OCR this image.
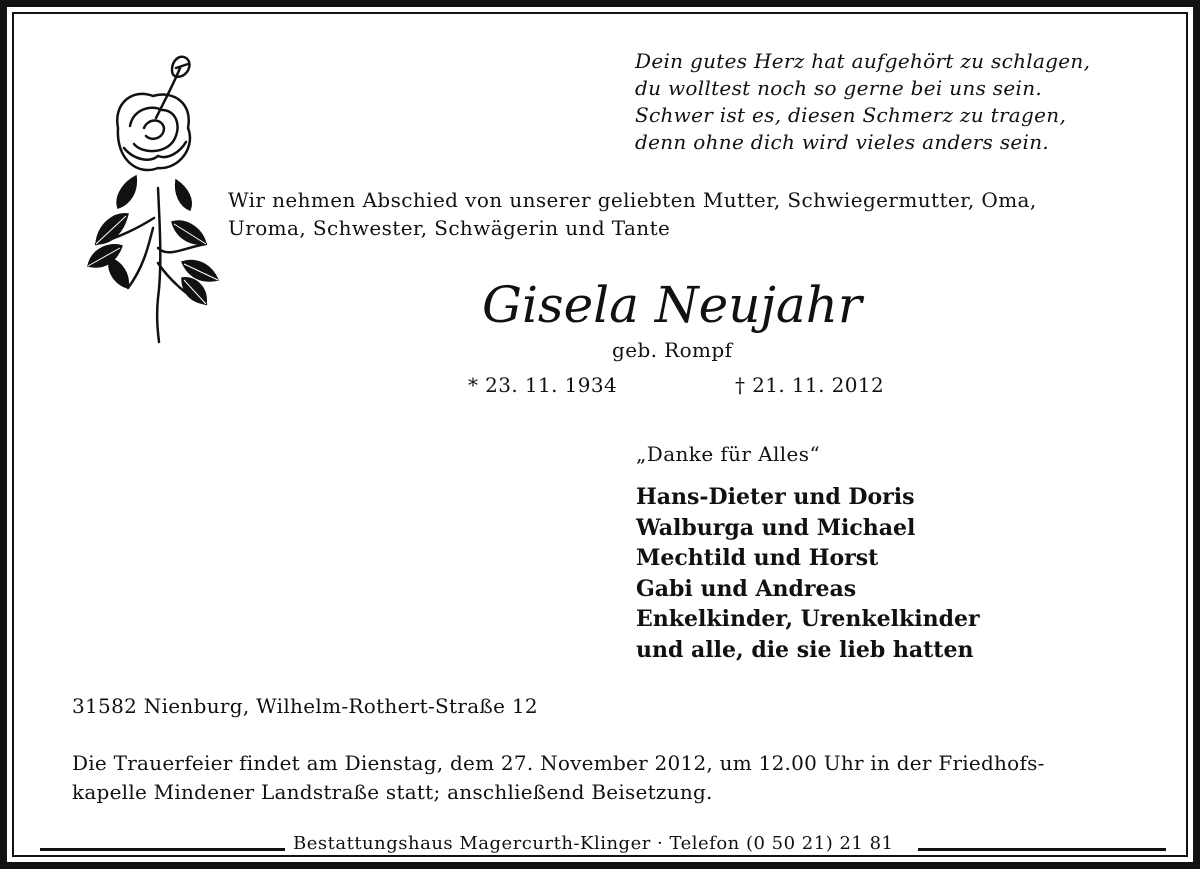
Dein gutes Herz hat aufgehört zu schlagen,
du wolltest noch so gerne bei uns sein.
Schwer ist es, diesen Schmerz zu tragen,
denn ohne dich wird vieles anders sein.
Wir nehmen Abschied von unserer geliebten Mutter, Schwiegermutter, Oma,
Uroma, Schwester, Schwägerin und Tante
Gisela Neujahr
geb. Rompf
* 23. 11. 1934	† 21. 11. 2012
„Danke für Alles“
Hans-Dieter und Doris
Walburga und Michael
Mechtild und Horst
Gabi und Andreas
Enkelkinder, Urenkelkinder
und alle, die sie lieb hatten
31582 Nienburg, Wilhelm-Rothert-Straße 12
Die Trauerfeier findet am Dienstag, dem 27. November 2012, um 12.00 Uhr in der Friedhofs-
kapelle Mindener Landstraße statt; anschließend Beisetzung.
Bestattungshaus Magercurth-Klinger · Telefon (0 50 21) 21 81
